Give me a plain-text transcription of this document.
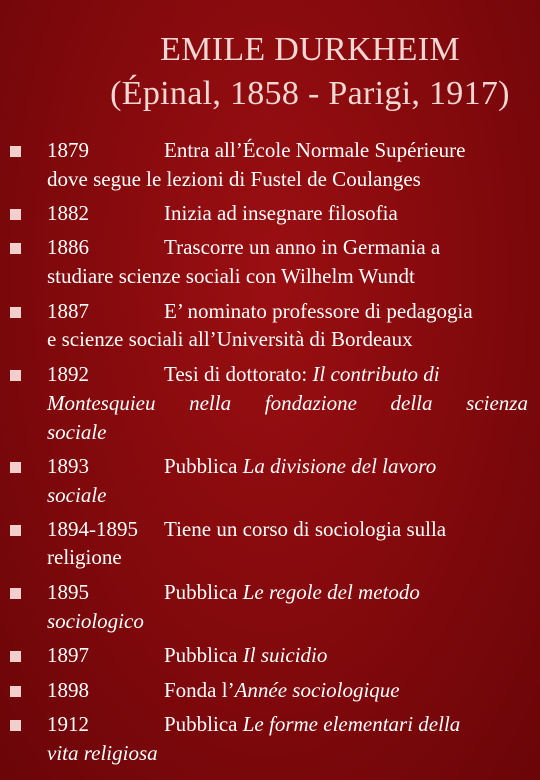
EMILE DURKHEIM
(Épinal, 1858 - Parigi, 1917)
1879	Entra all’École Normale Supérieure
dove segue le lezioni di Fustel de Coulanges
1882	Inizia ad insegnare filosofia
1886	Trascorre un anno in Germania a
studiare scienze sociali con Wilhelm Wundt
1887	E’ nominato professore di pedagogia
e scienze sociali all’Università di Bordeaux
1892	Tesi di dottorato: Il contributo di
Montesquieu nella fondazione della scienza
sociale
1893	Pubblica La divisione del lavoro
sociale
1894-1895 Tiene un corso di sociologia sulla
religione
1895	Pubblica Le regole del metodo
sociologico
1897	Pubblica Il suicidio
1898	Fonda l’Année sociologique
1912	Pubblica Le forme elementari della
vita religiosa
